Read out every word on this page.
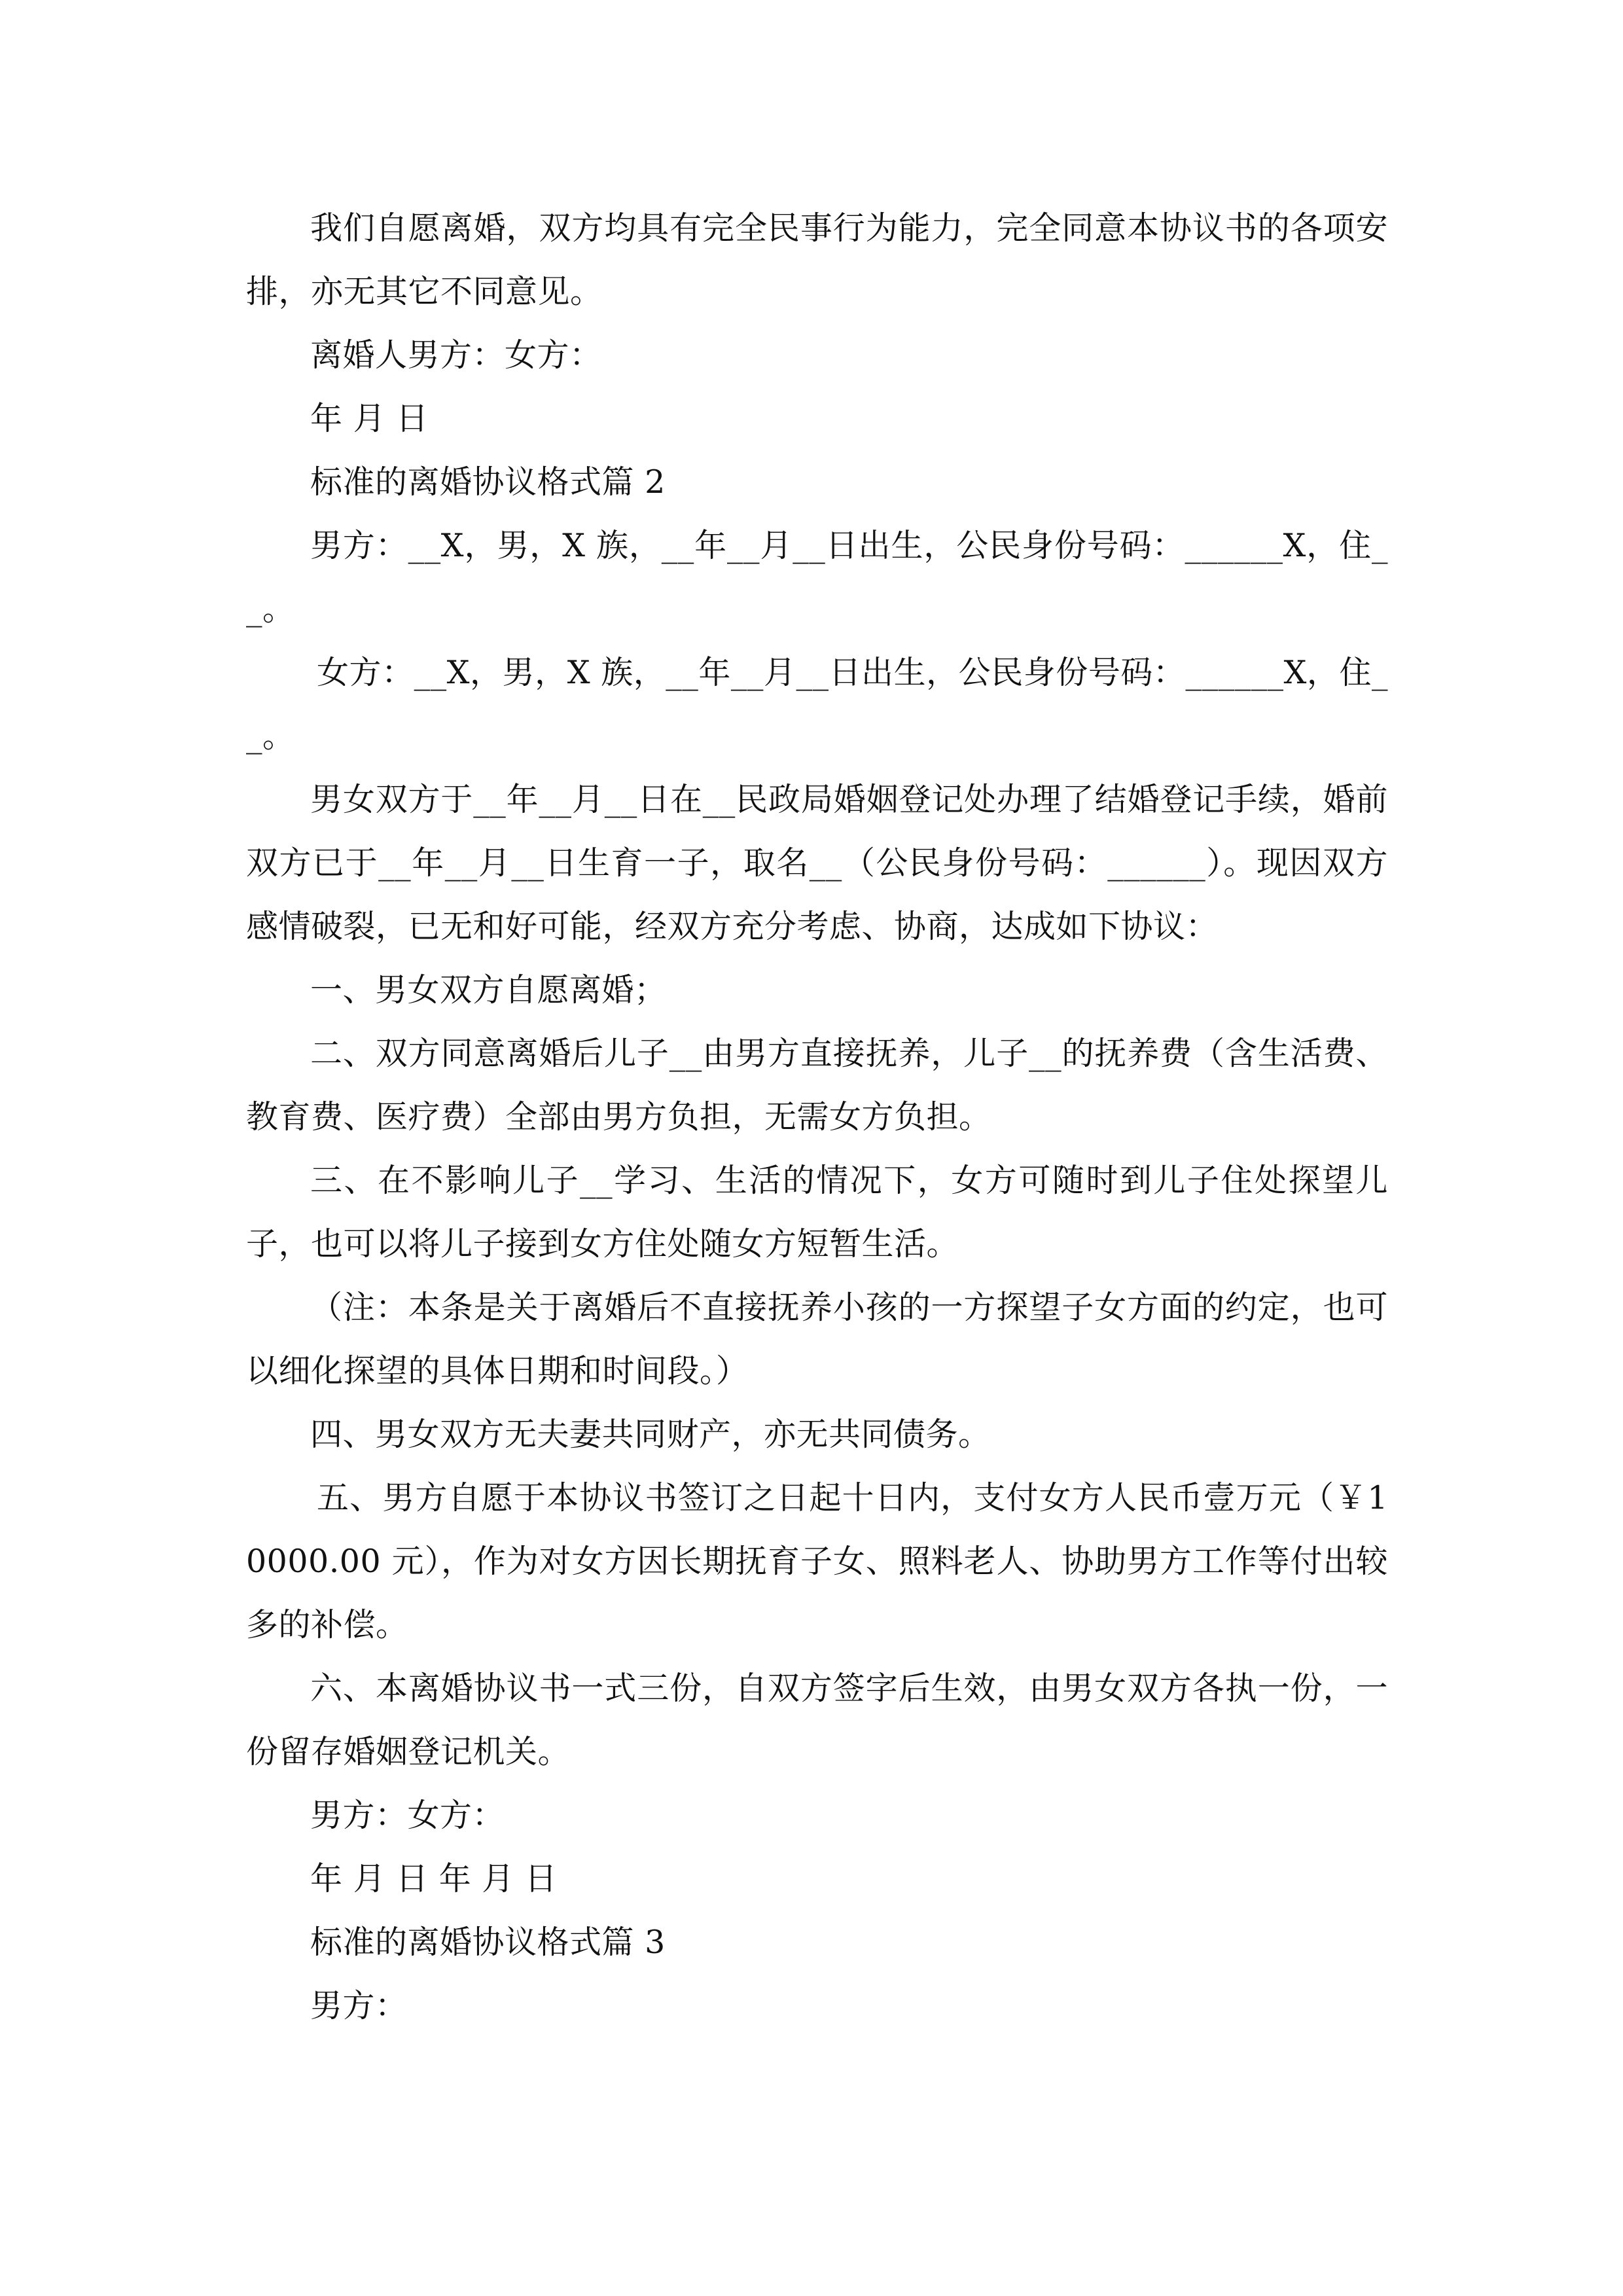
我们自愿离婚，双方均具有完全民事行为能力，完全同意本协议书的各项安排，亦无其它不同意见。

离婚人男方：女方：

年 月 日

标准的离婚协议格式篇 2

男方：__X，男，X 族，__年__月__日出生，公民身份号码：______X，住__。

女方：__X，男，X 族，__年__月__日出生，公民身份号码：______X，住__。

男女双方于__年__月__日在__民政局婚姻登记处办理了结婚登记手续，婚前双方已于__年__月__日生育一子，取名__（公民身份号码：______）。现因双方感情破裂，已无和好可能，经双方充分考虑、协商，达成如下协议：

一、男女双方自愿离婚；

二、双方同意离婚后儿子__由男方直接抚养，儿子__的抚养费（含生活费、教育费、医疗费）全部由男方负担，无需女方负担。

三、在不影响儿子__学习、生活的情况下，女方可随时到儿子住处探望儿子，也可以将儿子接到女方住处随女方短暂生活。

（注：本条是关于离婚后不直接抚养小孩的一方探望子女方面的约定，也可以细化探望的具体日期和时间段。）

四、男女双方无夫妻共同财产，亦无共同债务。

五、男方自愿于本协议书签订之日起十日内，支付女方人民币壹万元（￥10000.00 元），作为对女方因长期抚育子女、照料老人、协助男方工作等付出较多的补偿。

六、本离婚协议书一式三份，自双方签字后生效，由男女双方各执一份，一份留存婚姻登记机关。

男方：女方：

年 月 日 年 月 日

标准的离婚协议格式篇 3

男方：
